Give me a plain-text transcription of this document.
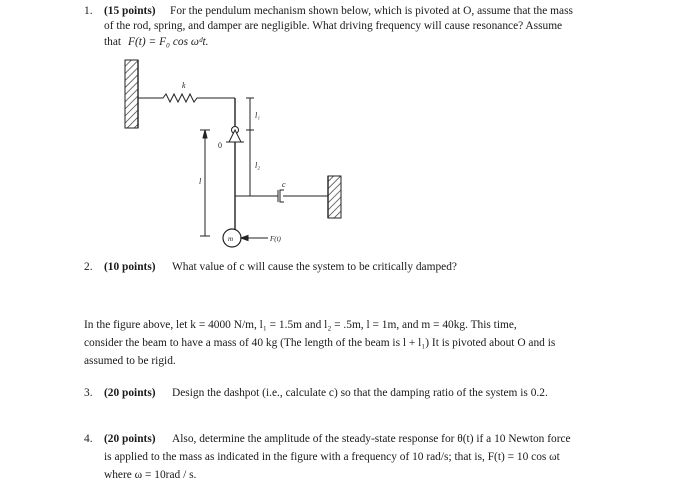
1. (15 points) For the pendulum mechanism shown below, which is pivoted at O, assume that the mass
of the rod, spring, and damper are negligible. What driving frequency will cause resonance? Assume
that F(t) = F₀ cos ωᵈt.
k
l₁
0
l₂
l	c
m	F(t)
2. (10 points) What value of c will cause the system to be critically damped?
In the figure above, let k = 4000 N/m, l₁ = 1.5m and l₂ = .5m, l = 1m, and m = 40kg. This time,
consider the beam to have a mass of 40 kg (The length of the beam is l + l₁) It is pivoted about O and is
assumed to be rigid.
3. (20 points) Design the dashpot (i.e., calculate c) so that the damping ratio of the system is 0.2.
4. (20 points) Also, determine the amplitude of the steady-state response for θ(t) if a 10 Newton force
is applied to the mass as indicated in the figure with a frequency of 10 rad/s; that is, F(t) = 10 cos ωt
where ω = 10rad / s.
